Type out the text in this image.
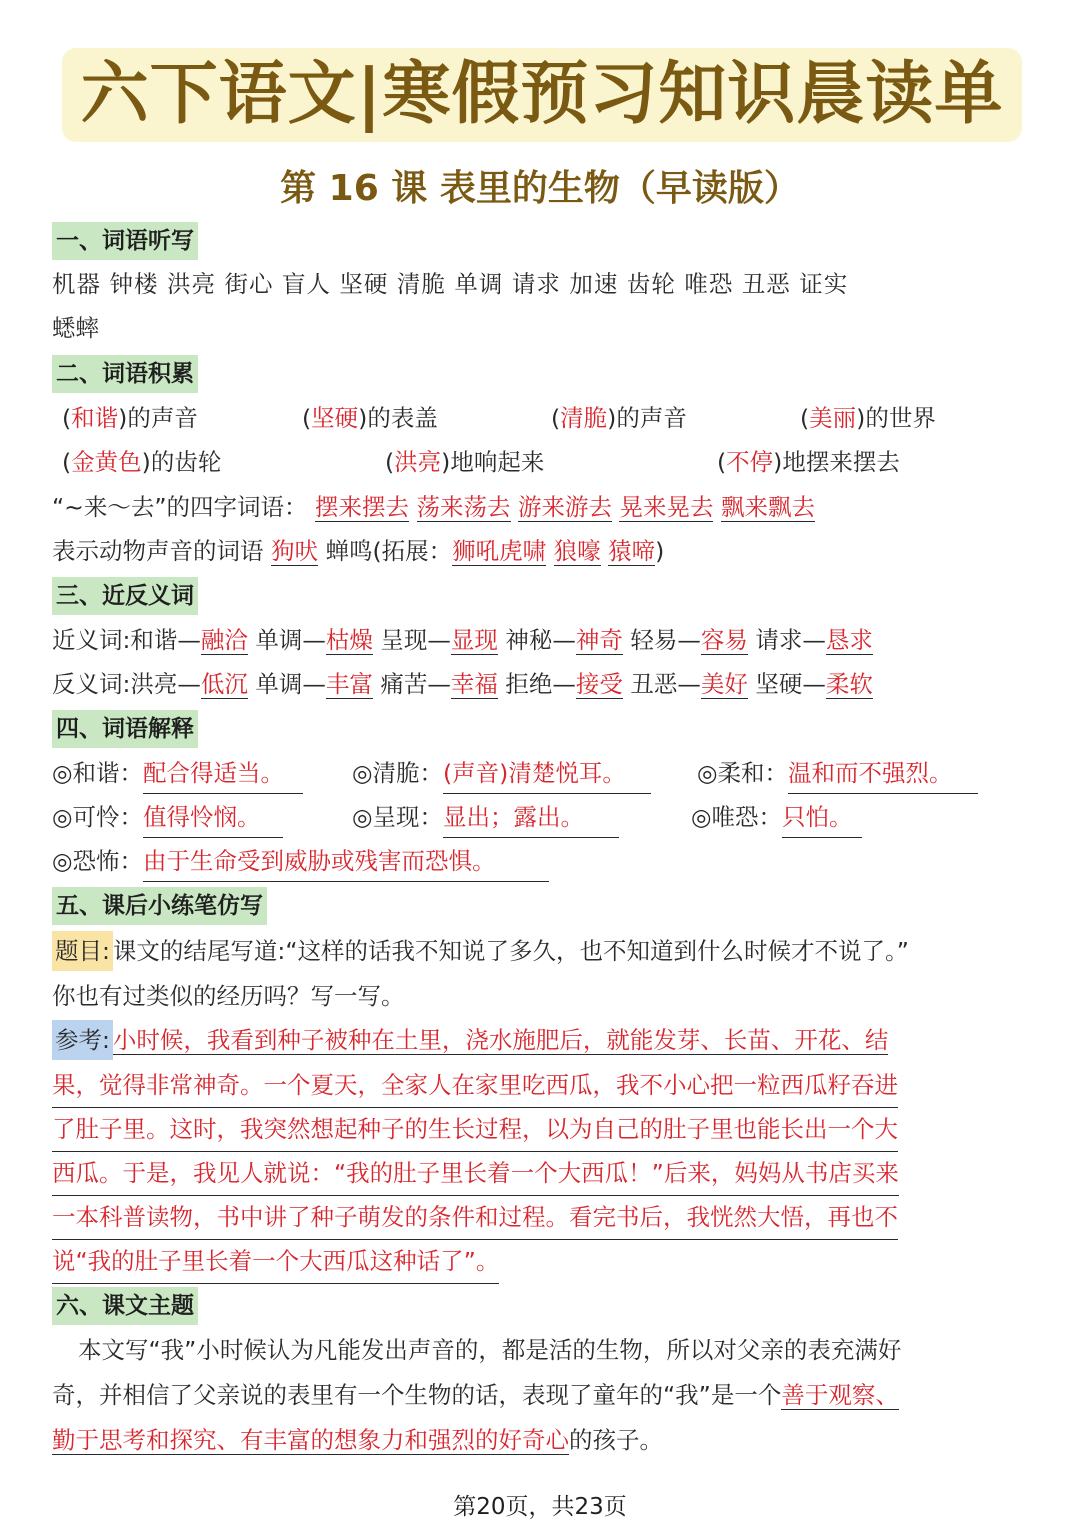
六下语文|寒假预习知识晨读单
第 16 课 表里的生物（早读版）
一、词语听写
机器 钟楼 洪亮 街心 盲人 坚硬 清脆 单调 请求 加速 齿轮 唯恐 丑恶 证实
蟋蟀
二、词语积累
(和谐)的声音	(坚硬)的表盖	(清脆)的声音	(美丽)的世界
(金黄色)的齿轮	(洪亮)地响起来	(不停)地摆来摆去
“~来～去”的四字词语： 摆来摆去 荡来荡去 游来游去 晃来晃去 飘来飘去
表示动物声音的词语 狗吠 蝉鸣(拓展：狮吼虎啸 狼嚎 猿啼)
三、近反义词
近义词:和谐—融洽 单调—枯燥 呈现—显现 神秘—神奇 轻易—容易 请求—恳求
反义词:洪亮—低沉 单调—丰富 痛苦—幸福 拒绝—接受 丑恶—美好 坚硬—柔软
四、词语解释
◎和谐：配合得适当。	◎清脆：(声音)清楚悦耳。	◎柔和：温和而不强烈。
◎可怜：值得怜悯。	◎呈现：显出；露出。	◎唯恐：只怕。
◎恐怖：由于生命受到威胁或残害而恐惧。
五、课后小练笔仿写
题目: 课文的结尾写道:“这样的话我不知说了多久，也不知道到什么时候才不说了。”
你也有过类似的经历吗？写一写。
参考: 小时候，我看到种子被种在土里，浇水施肥后，就能发芽、长苗、开花、结
果，觉得非常神奇。一个夏天，全家人在家里吃西瓜，我不小心把一粒西瓜籽吞进
了肚子里。这时，我突然想起种子的生长过程，以为自己的肚子里也能长出一个大
西瓜。于是，我见人就说：“我的肚子里长着一个大西瓜！”后来，妈妈从书店买来
一本科普读物，书中讲了种子萌发的条件和过程。看完书后，我恍然大悟，再也不
说“我的肚子里长着一个大西瓜这种话了”。
六、课文主题
本文写“我”小时候认为凡能发出声音的，都是活的生物，所以对父亲的表充满好
奇，并相信了父亲说的表里有一个生物的话，表现了童年的“我”是一个善于观察、
勤于思考和探究、有丰富的想象力和强烈的好奇心的孩子。
第20页，共23页
